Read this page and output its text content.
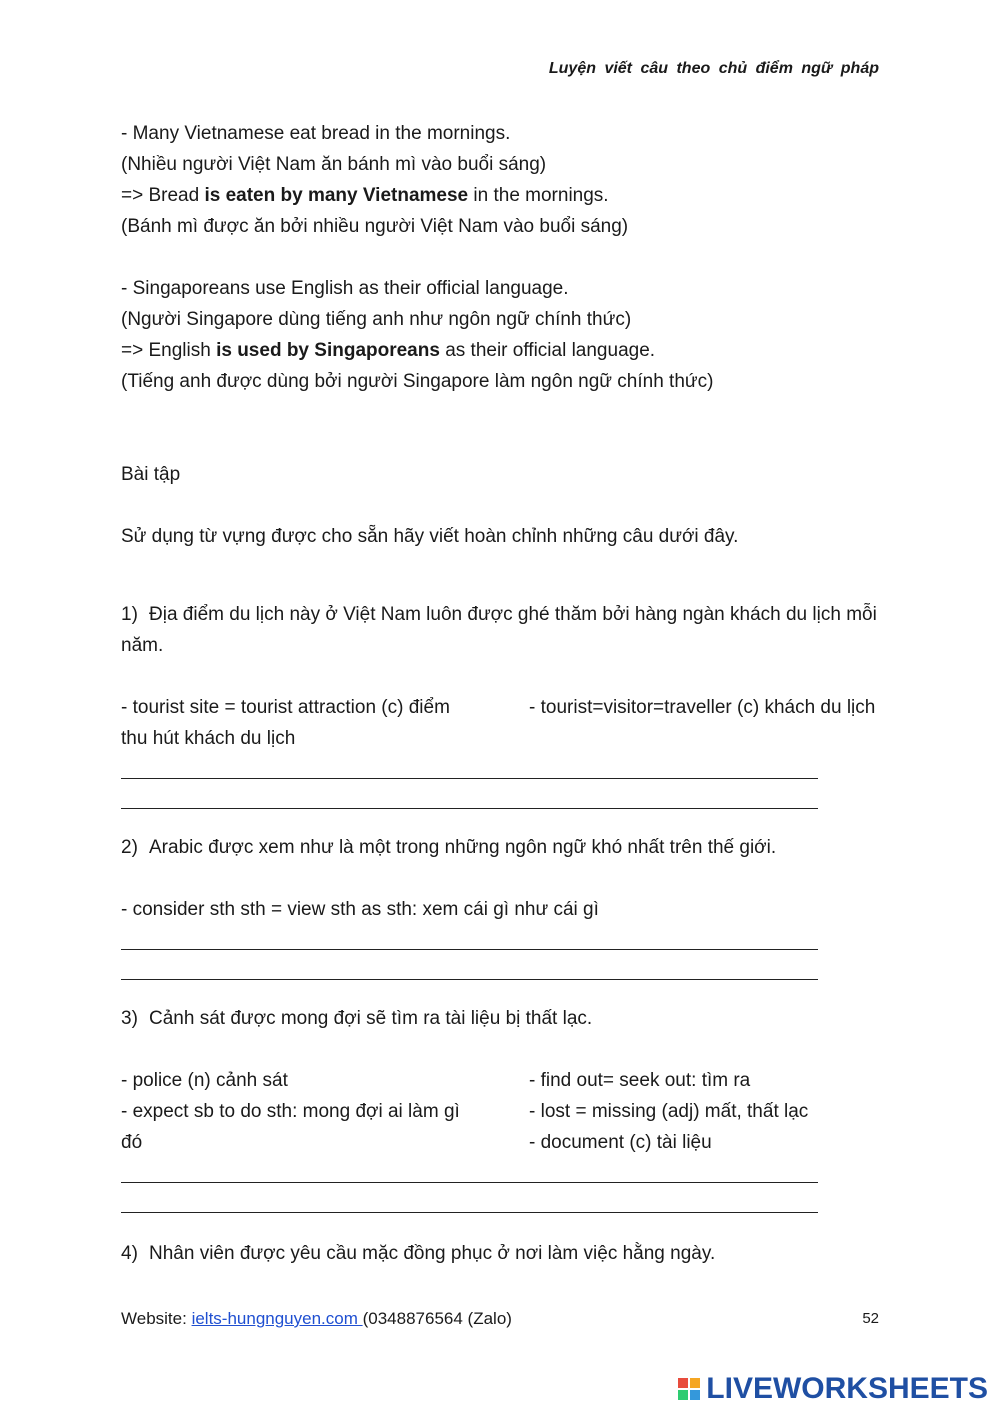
Luyện viết câu theo chủ điểm ngữ pháp
- Many Vietnamese eat bread in the mornings.
(Nhiều người Việt Nam ăn bánh mì vào buổi sáng)
=> Bread is eaten by many Vietnamese in the mornings.
(Bánh mì được ăn bởi nhiều người Việt Nam vào buổi sáng)
- Singaporeans use English as their official language.
(Người Singapore dùng tiếng anh như ngôn ngữ chính thức)
=> English is used by Singaporeans as their official language.
(Tiếng anh được dùng bởi người Singapore làm ngôn ngữ chính thức)
Bài tập
Sử dụng từ vựng được cho sẵn hãy viết hoàn chỉnh những câu dưới đây.
1) Địa điểm du lịch này ở Việt Nam luôn được ghé thăm bởi hàng ngàn khách du lịch mỗi năm.
- tourist site = tourist attraction (c) điểm thu hút khách du lịch
- tourist=visitor=traveller (c) khách du lịch
2) Arabic được xem như là một trong những ngôn ngữ khó nhất trên thế giới.
- consider sth sth = view sth as sth: xem cái gì như cái gì
3) Cảnh sát được mong đợi sẽ tìm ra tài liệu bị thất lạc.
- police (n) cảnh sát
- expect sb to do sth: mong đợi ai làm gì đó
- find out= seek out: tìm ra
- lost = missing (adj) mất, thất lạc
- document (c) tài liệu
4) Nhân viên được yêu cầu mặc đồng phục ở nơi làm việc hằng ngày.
Website: ielts-hungnguyen.com (0348876564 (Zalo)	52
LIVEWORKSHEETS
